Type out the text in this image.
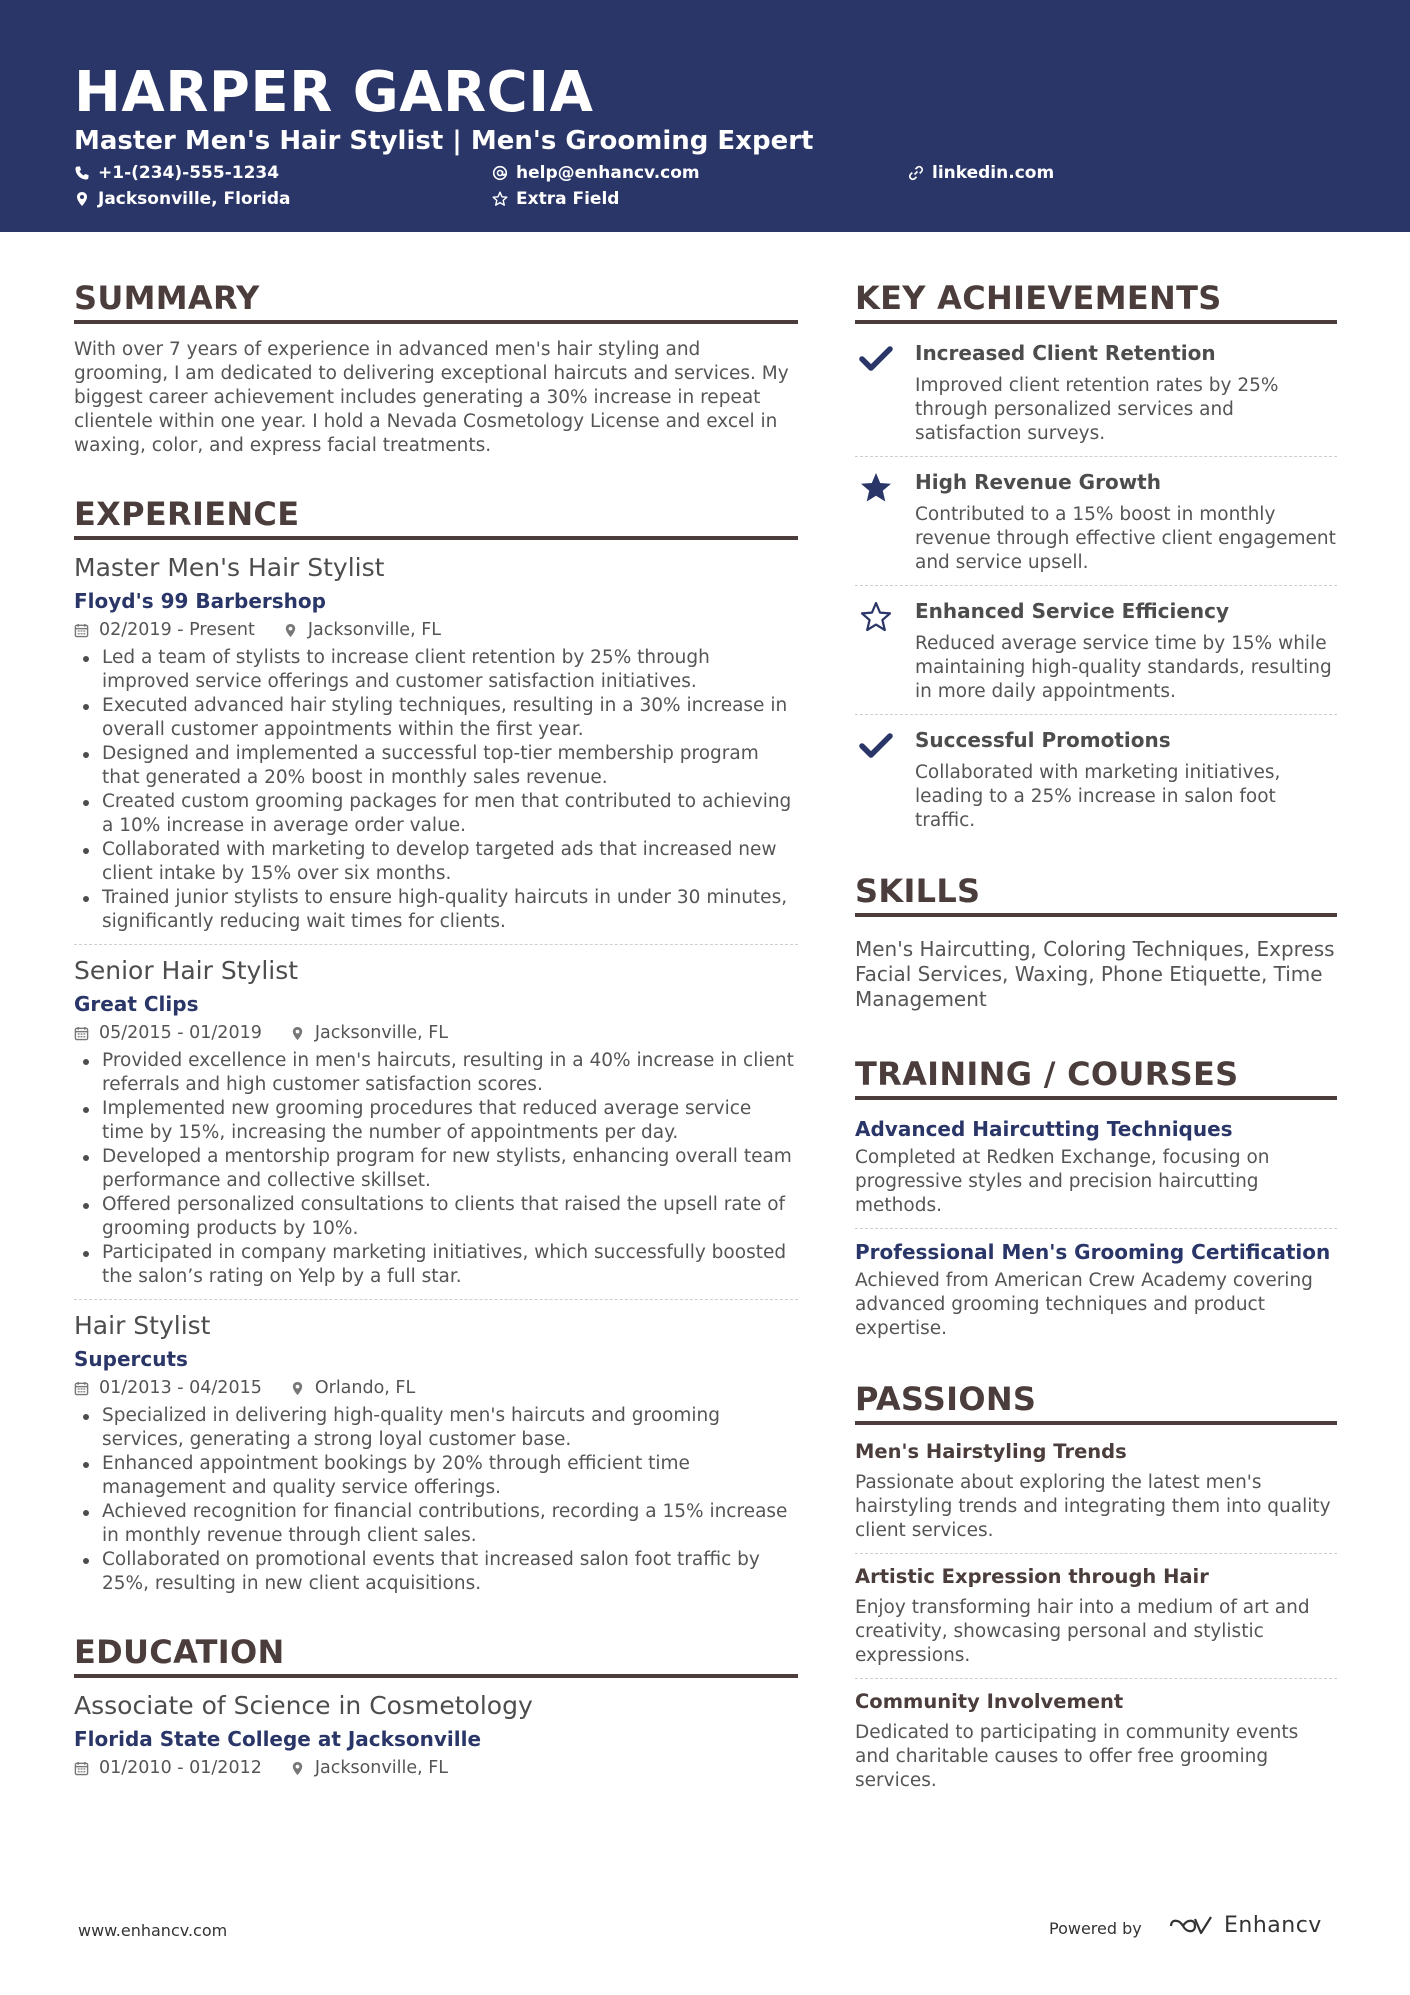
HARPER GARCIA
Master Men's Hair Stylist | Men's Grooming Expert
+1-(234)-555-1234	help@enhancv.com	linkedin.com
Jacksonville, Florida	Extra Field
SUMMARY
With over 7 years of experience in advanced men's hair styling and grooming, I am dedicated to delivering exceptional haircuts and services. My biggest career achievement includes generating a 30% increase in repeat clientele within one year. I hold a Nevada Cosmetology License and excel in waxing, color, and express facial treatments.
EXPERIENCE
Master Men's Hair Stylist
Floyd's 99 Barbershop
02/2019 - Present	Jacksonville, FL
Led a team of stylists to increase client retention by 25% through improved service offerings and customer satisfaction initiatives.
Executed advanced hair styling techniques, resulting in a 30% increase in overall customer appointments within the first year.
Designed and implemented a successful top-tier membership program that generated a 20% boost in monthly sales revenue.
Created custom grooming packages for men that contributed to achieving a 10% increase in average order value.
Collaborated with marketing to develop targeted ads that increased new client intake by 15% over six months.
Trained junior stylists to ensure high-quality haircuts in under 30 minutes, significantly reducing wait times for clients.
Senior Hair Stylist
Great Clips
05/2015 - 01/2019	Jacksonville, FL
Provided excellence in men's haircuts, resulting in a 40% increase in client referrals and high customer satisfaction scores.
Implemented new grooming procedures that reduced average service time by 15%, increasing the number of appointments per day.
Developed a mentorship program for new stylists, enhancing overall team performance and collective skillset.
Offered personalized consultations to clients that raised the upsell rate of grooming products by 10%.
Participated in company marketing initiatives, which successfully boosted the salon’s rating on Yelp by a full star.
Hair Stylist
Supercuts
01/2013 - 04/2015	Orlando, FL
Specialized in delivering high-quality men's haircuts and grooming services, generating a strong loyal customer base.
Enhanced appointment bookings by 20% through efficient time management and quality service offerings.
Achieved recognition for financial contributions, recording a 15% increase in monthly revenue through client sales.
Collaborated on promotional events that increased salon foot traffic by 25%, resulting in new client acquisitions.
EDUCATION
Associate of Science in Cosmetology
Florida State College at Jacksonville
01/2010 - 01/2012	Jacksonville, FL
KEY ACHIEVEMENTS
Increased Client Retention
Improved client retention rates by 25% through personalized services and satisfaction surveys.
High Revenue Growth
Contributed to a 15% boost in monthly revenue through effective client engagement and service upsell.
Enhanced Service Efficiency
Reduced average service time by 15% while maintaining high-quality standards, resulting in more daily appointments.
Successful Promotions
Collaborated with marketing initiatives, leading to a 25% increase in salon foot traffic.
SKILLS
Men's Haircutting, Coloring Techniques, Express Facial Services, Waxing, Phone Etiquette, Time Management
TRAINING / COURSES
Advanced Haircutting Techniques
Completed at Redken Exchange, focusing on progressive styles and precision haircutting methods.
Professional Men's Grooming Certification
Achieved from American Crew Academy covering advanced grooming techniques and product expertise.
PASSIONS
Men's Hairstyling Trends
Passionate about exploring the latest men's hairstyling trends and integrating them into quality client services.
Artistic Expression through Hair
Enjoy transforming hair into a medium of art and creativity, showcasing personal and stylistic expressions.
Community Involvement
Dedicated to participating in community events and charitable causes to offer free grooming services.
www.enhancv.com	Powered by	Enhancv
